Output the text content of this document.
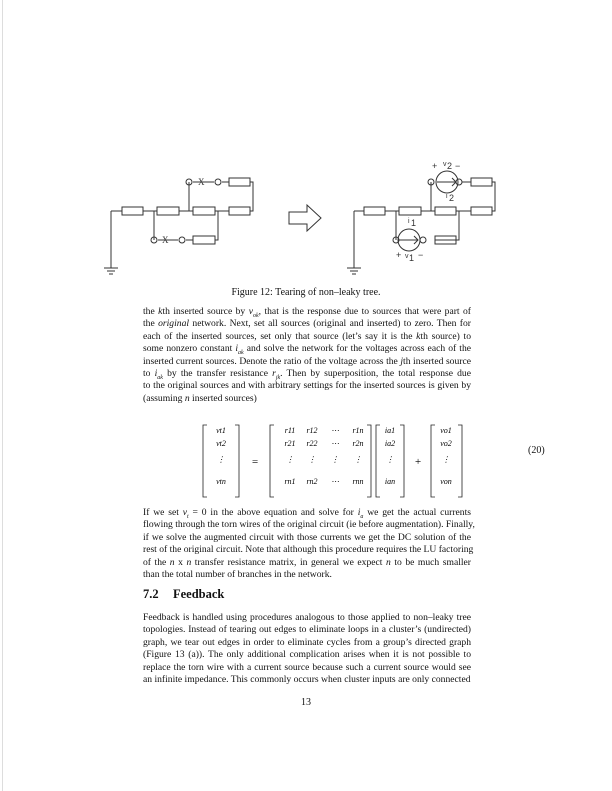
X
X
+ v 2 −
i 2
i 1
+ v 1 −
Figure 12: Tearing of non–leaky tree.
the kth inserted source by $v_{ok}$, that is the response due to sources that were part of
the original network. Next, set all sources (original and inserted) to zero. Then for
each of the inserted sources, set only that source (let’s say it is the kth source) to
some nonzero constant $i_{ak}$ and solve the network for the voltages across each of the
inserted current sources. Denote the ratio of the voltage across the jth inserted source
to $i_{ak}$ by the transfer resistance $r_{jk}$. Then by superposition, the total response due
to the original sources and with arbitrary settings for the inserted sources is given by
(assuming n inserted sources)
vt1
vt2
⋮
vtn
=
r11 r12 ⋯ r1n
r21 r22 ⋯ r2n
⋮ ⋮ ⋮ ⋮
rn1 rn2 ⋯ rnn
ia1
ia2
⋮
ian
+
vo1
vo2
⋮
von
(20)
If we set $v_t = 0$ in the above equation and solve for $i_a$ we get the actual currents
flowing through the torn wires of the original circuit (ie before augmentation). Finally,
if we solve the augmented circuit with those currents we get the DC solution of the
rest of the original circuit. Note that although this procedure requires the LU factoring
of the n x n transfer resistance matrix, in general we expect n to be much smaller
than the total number of branches in the network.
7.2 Feedback
Feedback is handled using procedures analogous to those applied to non–leaky tree
topologies. Instead of tearing out edges to eliminate loops in a cluster’s (undirected)
graph, we tear out edges in order to eliminate cycles from a group’s directed graph
(Figure 13 (a)). The only additional complication arises when it is not possible to
replace the torn wire with a current source because such a current source would see
an infinite impedance. This commonly occurs when cluster inputs are only connected
13
